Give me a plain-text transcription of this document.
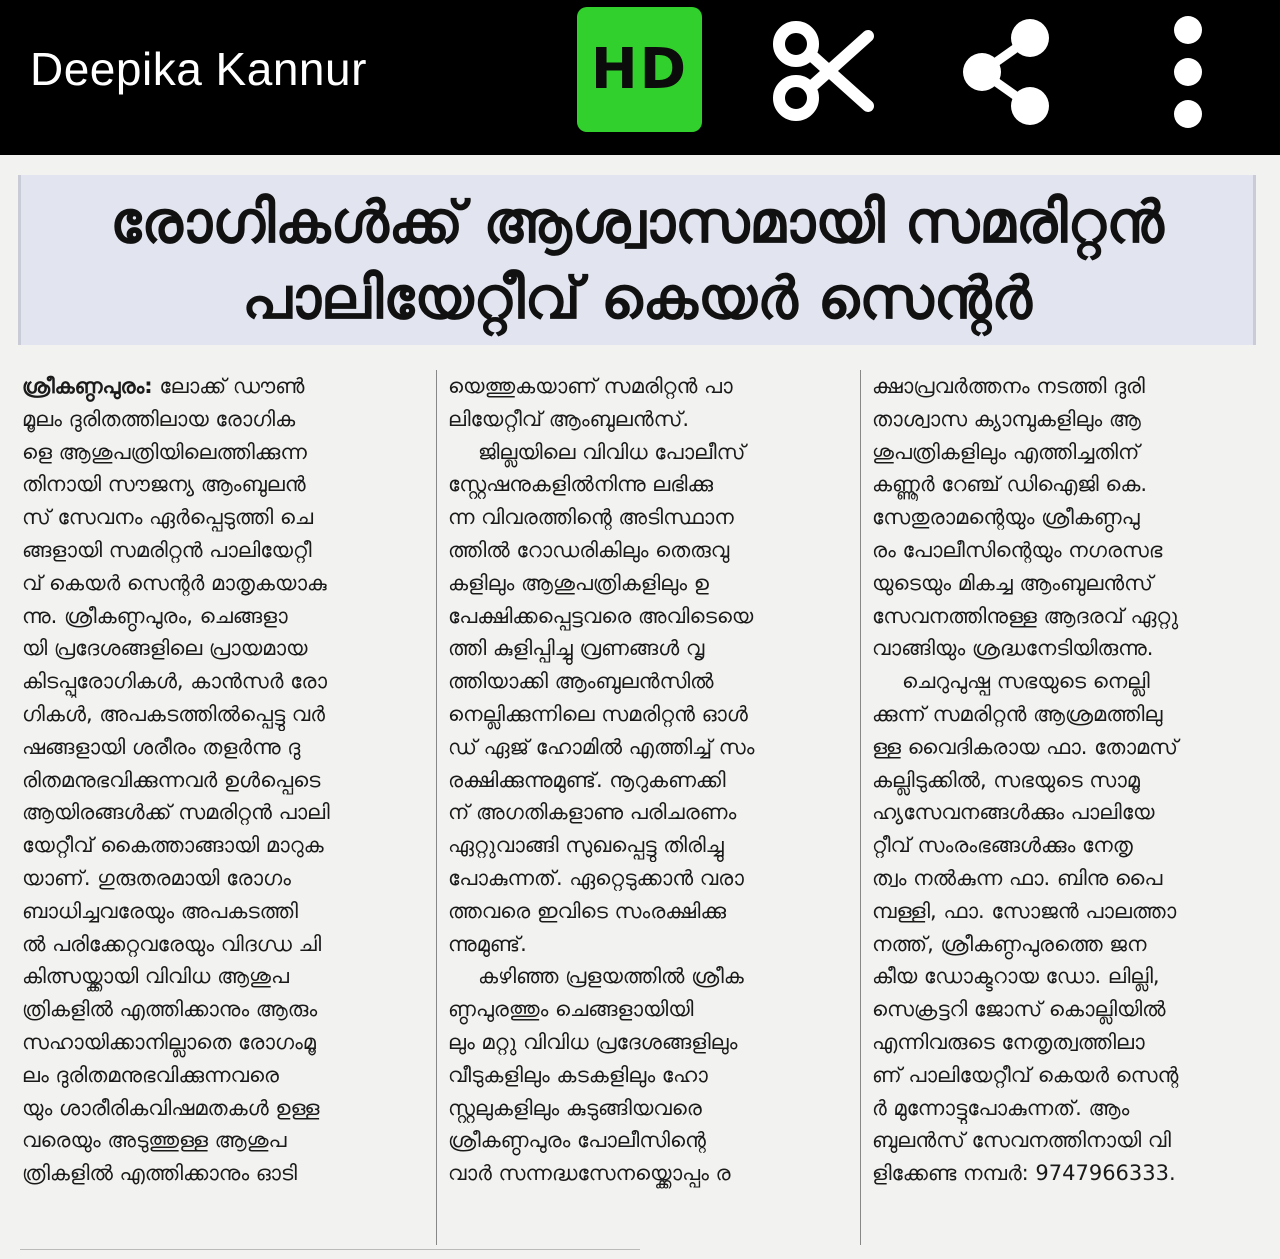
Deepika Kannur	HD
രോഗികൾക്ക് ആശ്വാസമായി സമരിറ്റൻ
പാലിയേറ്റീവ് കെയർ സെന്റർ
ശ്രീകണ്ഠപുരം: ലോക്ക് ഡൗൺ
മൂലം ദുരിതത്തിലായ രോഗിക
ളെ ആശുപത്രിയിലെത്തിക്കുന്ന
തിനായി സൗജന്യ ആംബുലൻ
സ് സേവനം ഏർപ്പെടുത്തി ചെ
ങ്ങളായി സമരിറ്റൻ പാലിയേറ്റീ
വ് കെയർ സെന്റർ മാതൃകയാകു
ന്നു. ശ്രീകണ്ഠപുരം, ചെങ്ങളാ
യി പ്രദേശങ്ങളിലെ പ്രായമായ
കിടപ്പുരോഗികൾ, കാൻസർ രോ
ഗികൾ, അപകടത്തിൽപ്പെട്ടു വർ
ഷങ്ങളായി ശരീരം തളർന്നു ദു
രിതമനുഭവിക്കുന്നവർ ഉൾപ്പെടെ
ആയിരങ്ങൾക്ക് സമരിറ്റൻ പാലി
യേറ്റീവ് കൈത്താങ്ങായി മാറുക
യാണ്. ഗുരുതരമായി രോഗം
ബാധിച്ചവരേയും അപകടത്തി
ൽ പരിക്കേറ്റവരേയും വിദഗ്ധ ചി
കിത്സയ്ക്കായി വിവിധ ആശുപ
ത്രികളിൽ എത്തിക്കാനും ആരും
സഹായിക്കാനില്ലാതെ രോഗംമൂ
ലം ദുരിതമനുഭവിക്കുന്നവരെ
യും ശാരീരികവിഷമതകൾ ഉള്ള
വരെയും അടുത്തുള്ള ആശുപ
ത്രികളിൽ എത്തിക്കാനും ഓടി
യെത്തുകയാണ് സമരിറ്റൻ പാ
ലിയേറ്റീവ് ആംബുലൻസ്.
ജില്ലയിലെ വിവിധ പോലീസ്
സ്റ്റേഷനുകളിൽനിന്നു ലഭിക്കു
ന്ന വിവരത്തിന്റെ അടിസ്ഥാന
ത്തിൽ റോഡരികിലും തെരുവു
കളിലും ആശുപത്രികളിലും ഉ
പേക്ഷിക്കപ്പെട്ടവരെ അവിടെയെ
ത്തി കുളിപ്പിച്ചു വ്രണങ്ങൾ വൃ
ത്തിയാക്കി ആംബുലൻസിൽ
നെല്ലിക്കുന്നിലെ സമരിറ്റൻ ഓൾ
ഡ് ഏജ് ഹോമിൽ എത്തിച്ച് സം
രക്ഷിക്കുന്നുമുണ്ട്. നൂറുകണക്കി
ന് അഗതികളാണു പരിചരണം
ഏറ്റുവാങ്ങി സുഖപ്പെട്ടു തിരിച്ചു
പോകുന്നത്. ഏറ്റെടുക്കാൻ വരാ
ത്തവരെ ഇവിടെ സംരക്ഷിക്കു
ന്നുമുണ്ട്.
കഴിഞ്ഞ പ്രളയത്തിൽ ശ്രീക
ണ്ഠപുരത്തും ചെങ്ങളായിയി
ലും മറ്റു വിവിധ പ്രദേശങ്ങളിലും
വീടുകളിലും കടകളിലും ഹോ
സ്റ്റലുകളിലും കുടുങ്ങിയവരെ
ശ്രീകണ്ഠപുരം പോലീസിന്റെ
വാർ സന്നദ്ധസേനയ്ക്കൊപ്പം ര
ക്ഷാപ്രവർത്തനം നടത്തി ദുരി
താശ്വാസ ക്യാമ്പുകളിലും ആ
ശുപത്രികളിലും എത്തിച്ചതിന്
കണ്ണൂർ റേഞ്ച് ഡിഐജി കെ.
സേതുരാമന്റെയും ശ്രീകണ്ഠപു
രം പോലീസിന്റെയും നഗരസഭ
യുടെയും മികച്ച ആംബുലൻസ്
സേവനത്തിനുള്ള ആദരവ് ഏറ്റു
വാങ്ങിയും ശ്രദ്ധനേടിയിരുന്നു.
ചെറുപുഷ്പ സഭയുടെ നെല്ലി
ക്കുന്ന് സമരിറ്റൻ ആശ്രമത്തിലു
ള്ള വൈദികരായ ഫാ. തോമസ്
കല്ലിടുക്കിൽ, സഭയുടെ സാമൂ
ഹ്യസേവനങ്ങൾക്കും പാലിയേ
റ്റീവ് സംരംഭങ്ങൾക്കും നേതൃ
ത്വം നൽകുന്ന ഫാ. ബിനു പൈ
മ്പള്ളി, ഫാ. സോജൻ പാലത്താ
നത്ത്, ശ്രീകണ്ഠപുരത്തെ ജന
കീയ ഡോക്ടറായ ഡോ. ലില്ലി,
സെക്രട്ടറി ജോസ് കൊല്ലിയിൽ
എന്നിവരുടെ നേതൃത്വത്തിലാ
ണ് പാലിയേറ്റീവ് കെയർ സെന്റ
ർ മുന്നോട്ടുപോകുന്നത്. ആം
ബുലൻസ് സേവനത്തിനായി വി
ളിക്കേണ്ട നമ്പർ: 9747966333.
